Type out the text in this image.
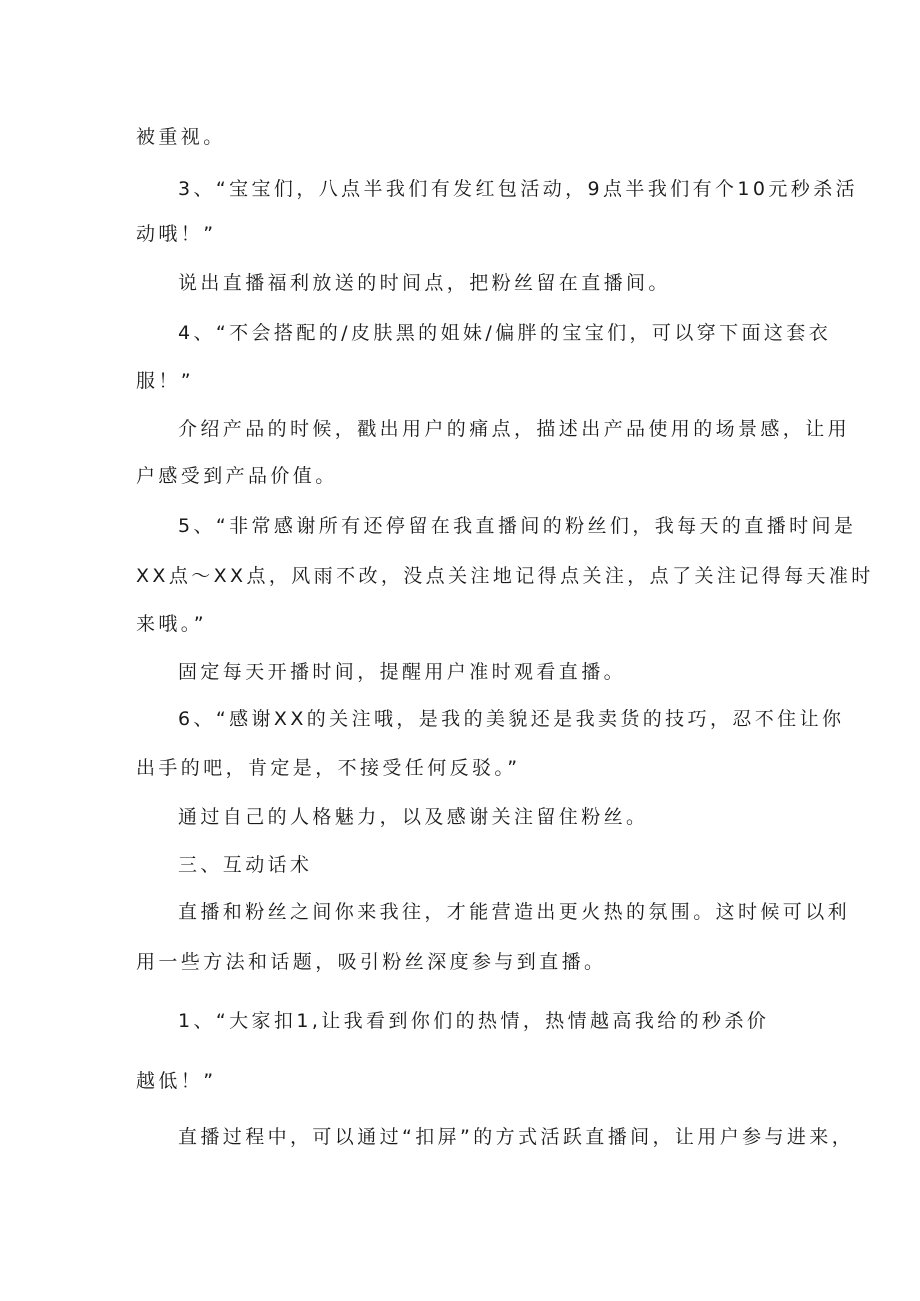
被重视。

3、“宝宝们，八点半我们有发红包活动，9点半我们有个10元秒杀活

动哦！”

说出直播福利放送的时间点，把粉丝留在直播间。

4、“不会搭配的/皮肤黑的姐妹/偏胖的宝宝们，可以穿下面这套衣

服！”

介绍产品的时候，戳出用户的痛点，描述出产品使用的场景感，让用

户感受到产品价值。

5、“非常感谢所有还停留在我直播间的粉丝们，我每天的直播时间是

XX点～XX点，风雨不改，没点关注地记得点关注，点了关注记得每天准时

来哦。”

固定每天开播时间，提醒用户准时观看直播。

6、“感谢XX的关注哦，是我的美貌还是我卖货的技巧，忍不住让你

出手的吧，肯定是，不接受任何反驳。”

通过自己的人格魅力，以及感谢关注留住粉丝。

三、互动话术

直播和粉丝之间你来我往，才能营造出更火热的氛围。这时候可以利

用一些方法和话题，吸引粉丝深度参与到直播。

1、“大家扣1,让我看到你们的热情，热情越高我给的秒杀价

越低！”

直播过程中，可以通过“扣屏”的方式活跃直播间，让用户参与进来，
